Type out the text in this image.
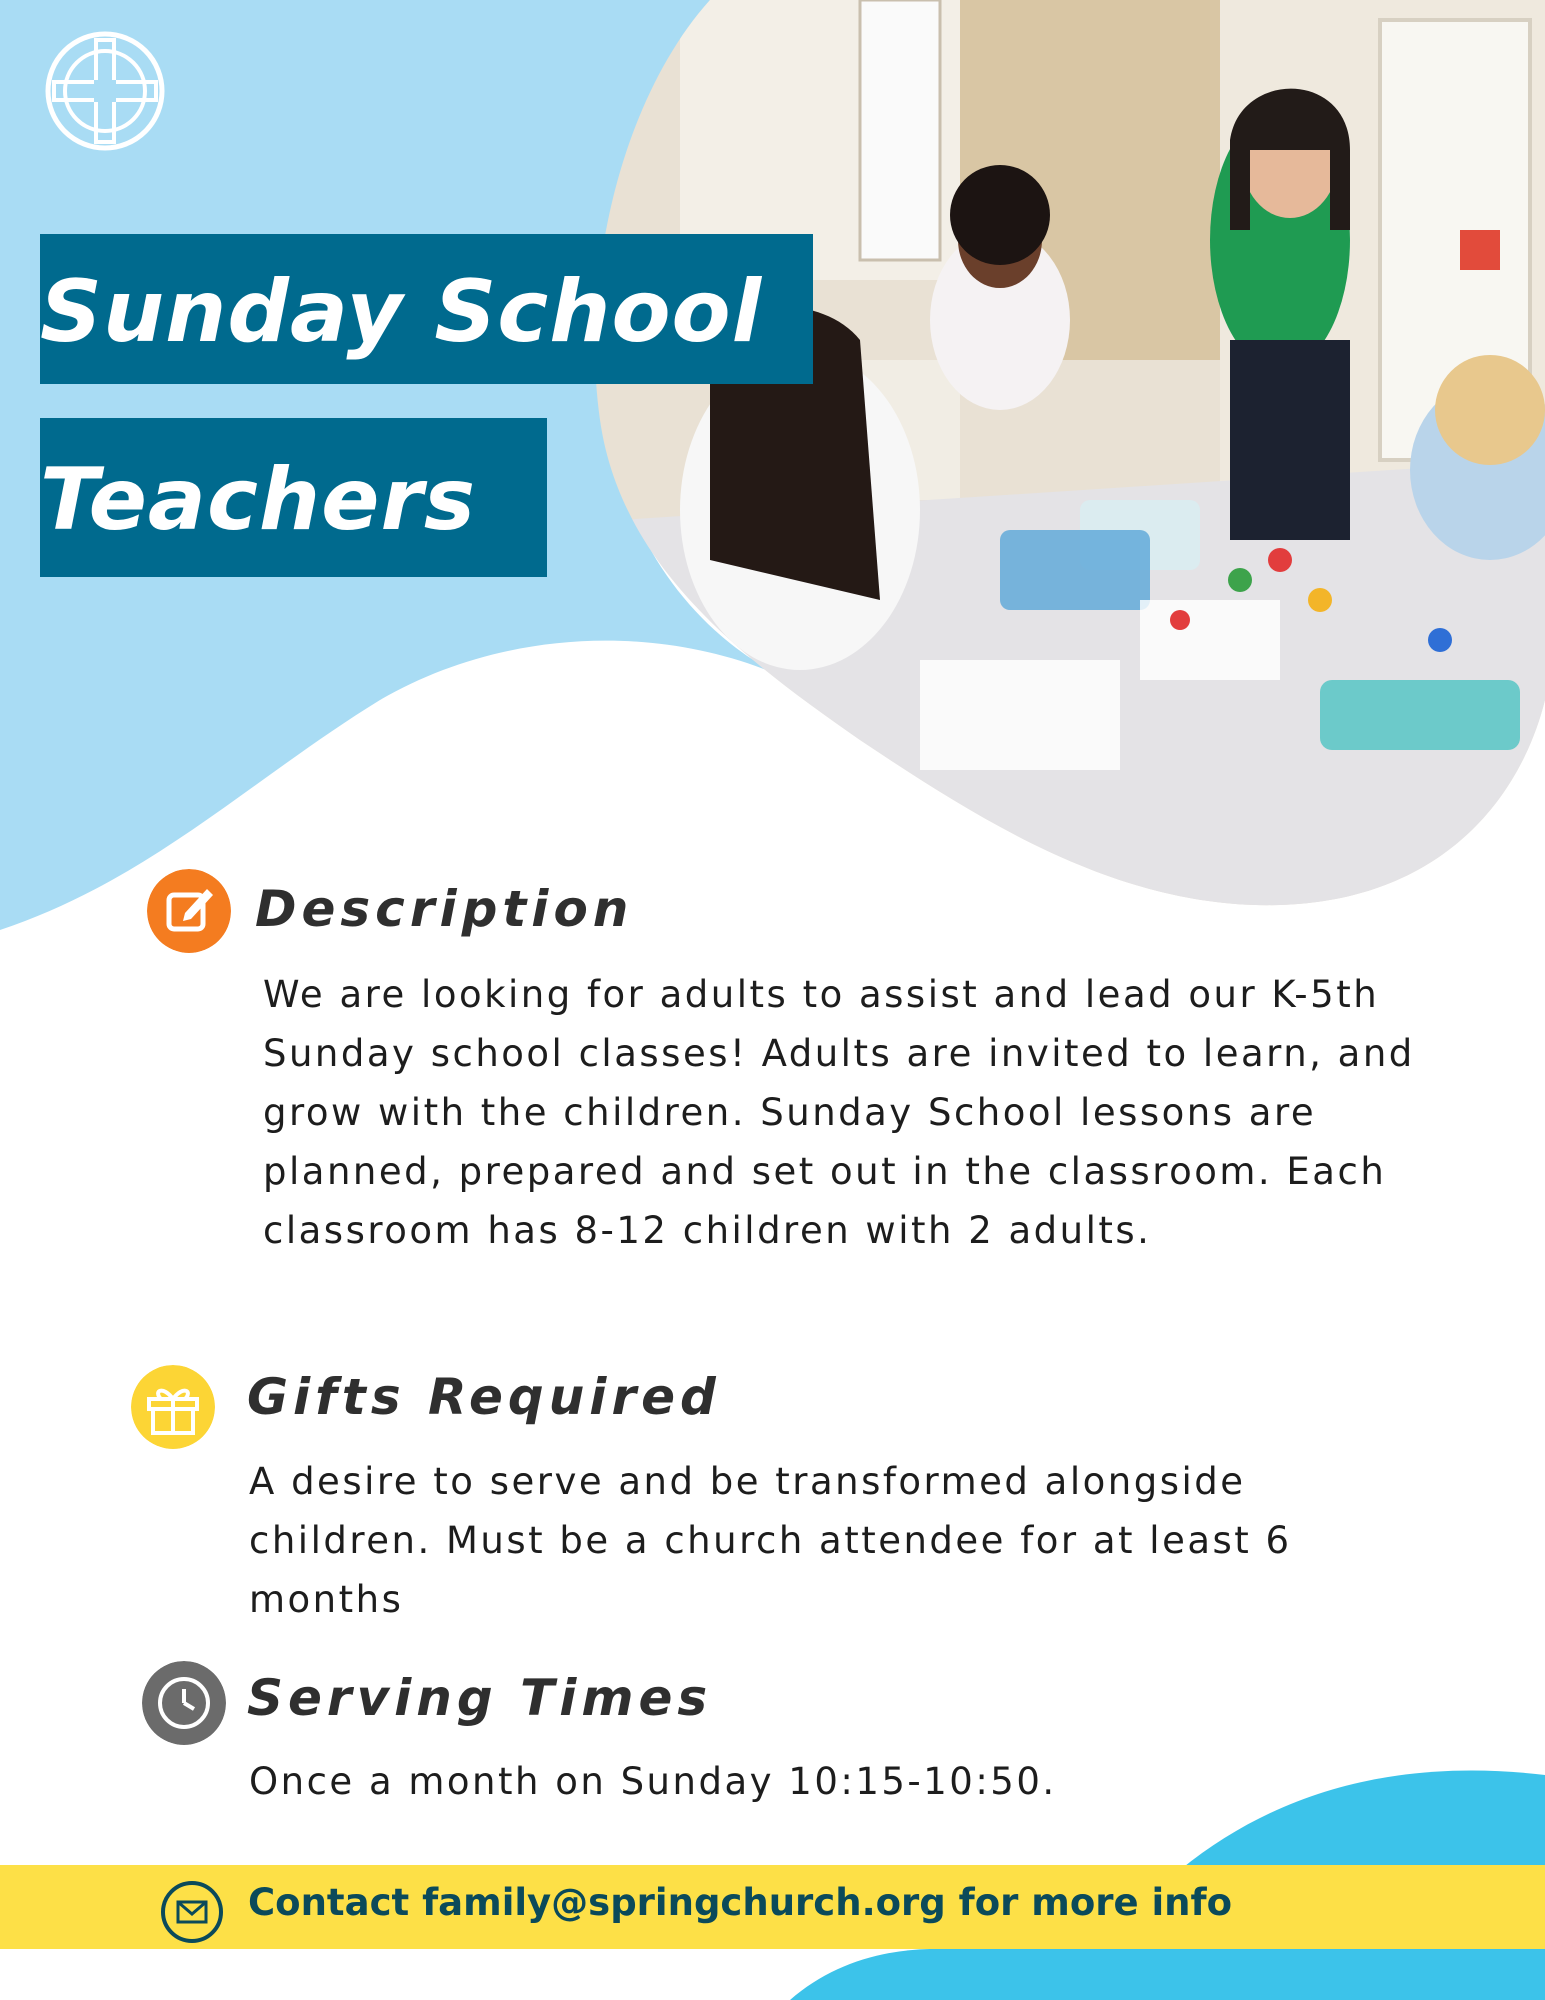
Sunday School
Teachers
Description
We are looking for adults to assist and lead our K-5th Sunday school classes! Adults are invited to learn, and grow with the children. Sunday School lessons are planned, prepared and set out in the classroom. Each classroom has 8-12 children with 2 adults.
Gifts Required
A desire to serve and be transformed alongside children. Must be a church attendee for at least 6 months
Serving Times
Once a month on Sunday 10:15-10:50.
Contact family@springchurch.org for more info
